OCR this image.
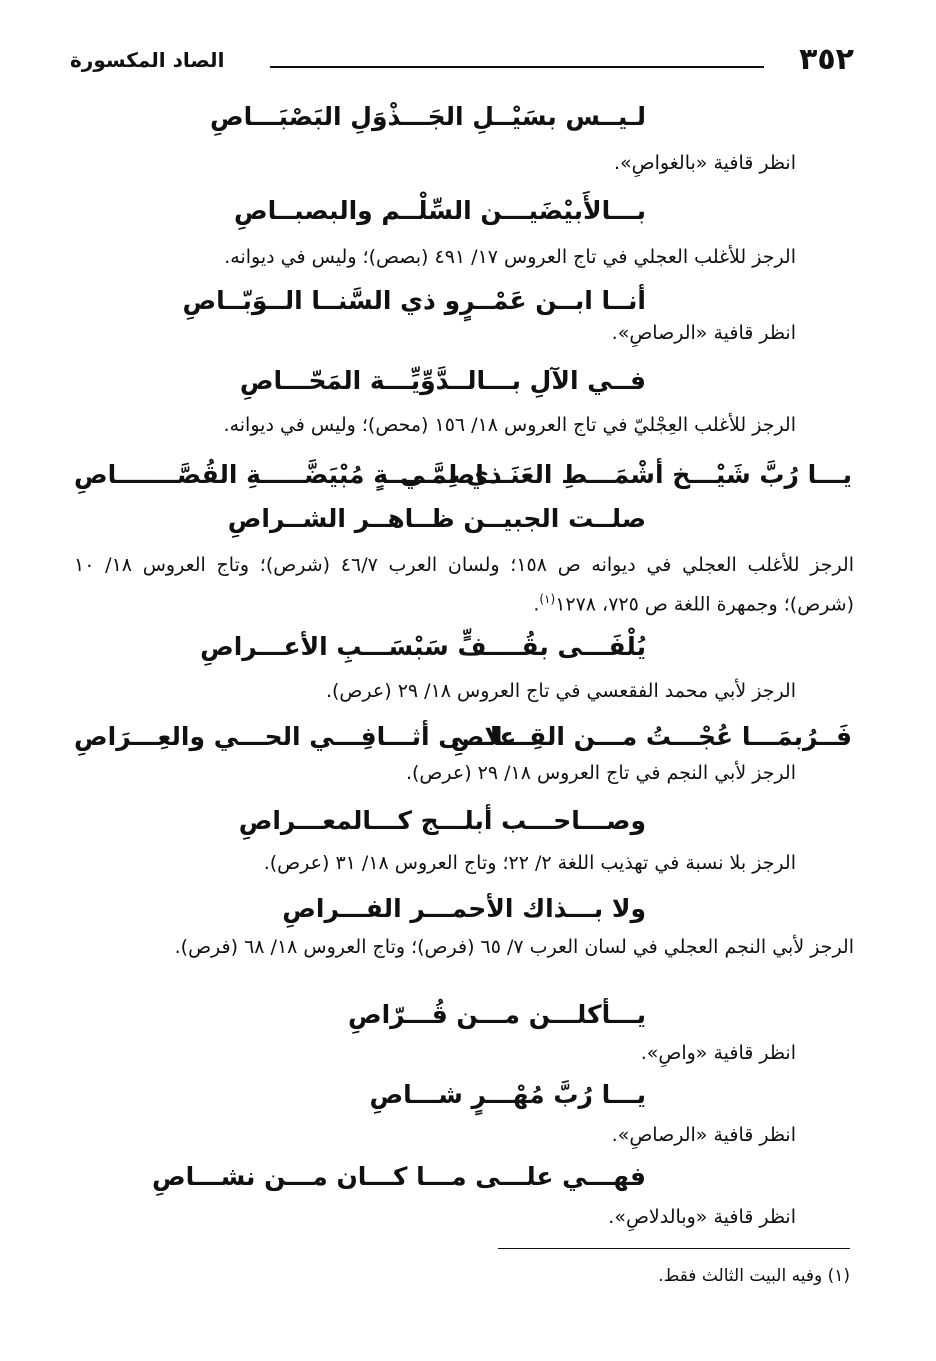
٣٥٢
الصاد المكسورة
لـيــس بسَيْــلِ الجَـــذْوَلِ البَصْبَـــاصِ
انظر قافية «بالغواصِ».
بـــالأَبيْضَيـــن السِّلْــم والبصبــاصِ
الرجز للأغلب العجلي في تاج العروس ١٧/ ٤٩١ (بصص)؛ وليس في ديوانه.
أنــا ابــن عَمْــرٍو ذي السَّنــا الــوَبّــاصِ
انظر قافية «الرصاصِ».
فــي الآلِ بـــالــدَّوِّيِّـــة المَحّـــاصِ
الرجز للأغلب العِجْليّ في تاج العروس ١٨/ ١٥٦ (محص)؛ وليس في ديوانه.
يـــا رُبَّ شَيْـــخ أشْمَـــطِ العَنَـــاصـــي
ذي لِمَّـــــةٍ مُبْيَضَّـــــةِ القُصَّـــــــاصِ
صلــت الجبيــن ظــاهــر الشــراصِ
الرجز للأغلب العجلي في ديوانه ص ١٥٨؛ ولسان العرب ٤٦/٧ (شرص)؛ وتاج العروس ١٨/ ١٠ (شرص)؛ وجمهرة اللغة ص ٧٢٥، ١٢٧٨$^{(١)}$.
يُلْفَـــى بقُــــفٍّ سَبْسَـــبِ الأعـــراصِ
الرجز لأبي محمد الفقعسي في تاج العروس ١٨/ ٢٩ (عرص).
فَــرُبمَـــا عُجْـــتُ مـــن القِـــلاصِ
علـــى أثـــافِـــي الحـــي والعِـــرَاصِ
الرجز لأبي النجم في تاج العروس ١٨/ ٢٩ (عرص).
وصـــاحـــب أبلـــج كـــالمعـــراصِ
الرجز بلا نسبة في تهذيب اللغة ٢/ ٢٢؛ وتاج العروس ١٨/ ٣١ (عرص).
ولا بـــذاك الأحمـــر الفـــراصِ
الرجز لأبي النجم العجلي في لسان العرب ٧/ ٦٥ (فرص)؛ وتاج العروس ١٨/ ٦٨ (فرص).
يـــأكلـــن مـــن قُـــرّاصِ
انظر قافية «واصِ».
يـــا رُبَّ مُهْـــرٍ شـــاصِ
انظر قافية «الرصاصِ».
فهـــي علـــى مـــا كـــان مـــن نشـــاصِ
انظر قافية «وبالدلاصِ».
(١) وفيه البيت الثالث فقط.
